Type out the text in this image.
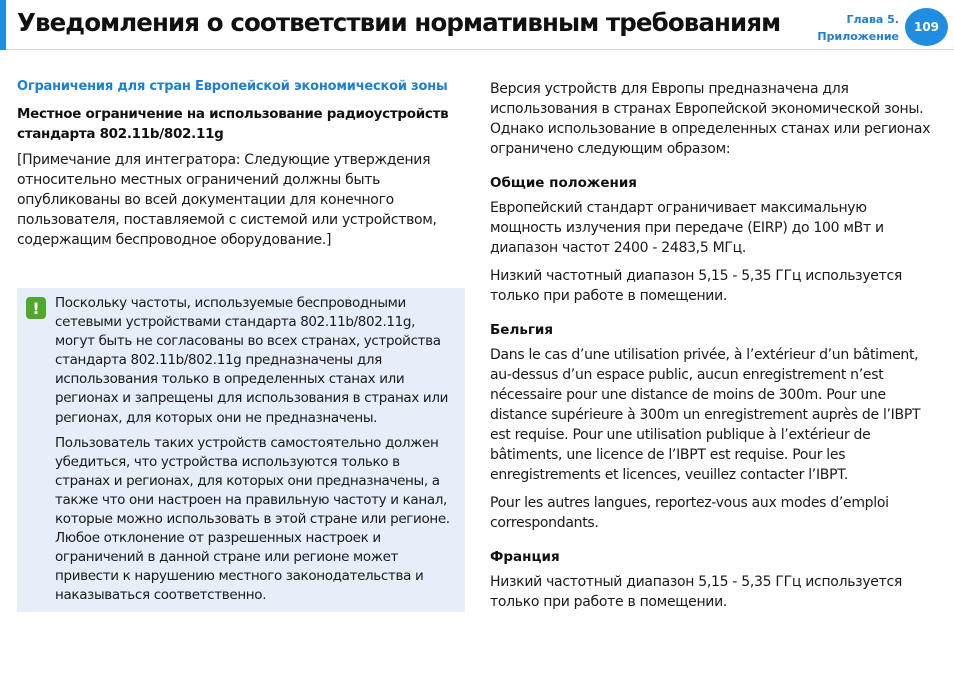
Уведомления о соответствии нормативным требованиям	Глава 5.
Приложение
109
Ограничения для стран Европейской экономической зоны
Местное ограничение на использование радиоустройств стандарта 802.11b/802.11g

[Примечание для интегратора: Следующие утверждения относительно местных ограничений должны быть опубликованы во всей документации для конечного пользователя, поставляемой с системой или устройством, содержащим беспроводное оборудование.]

!	Поскольку частоты, используемые беспроводными сетевыми устройствами стандарта 802.11b/802.11g, могут быть не согласованы во всех странах, устройства стандарта 802.11b/802.11g предназначены для использования только в определенных станах или регионах и запрещены для использования в странах или регионах, для которых они не предназначены.

Пользователь таких устройств самостоятельно должен убедиться, что устройства используются только в странах и регионах, для которых они предназначены, а также что они настроен на правильную частоту и канал, которые можно использовать в этой стране или регионе. Любое отклонение от разрешенных настроек и ограничений в данной стране или регионе может привести к нарушению местного законодательства и наказываться соответственно.

Версия устройств для Европы предназначена для использования в странах Европейской экономической зоны. Однако использование в определенных станах или регионах ограничено следующим образом:

Общие положения

Европейский стандарт ограничивает максимальную мощность излучения при передаче (EIRP) до 100 мВт и диапазон частот 2400 - 2483,5 МГц.

Низкий частотный диапазон 5,15 - 5,35 ГГц используется только при работе в помещении.

Бельгия

Dans le cas d’une utilisation privée, à l’extérieur d’un bâtiment, au-dessus d’un espace public, aucun enregistrement n’est nécessaire pour une distance de moins de 300m. Pour une distance supérieure à 300m un enregistrement auprès de l’IBPT est requise. Pour une utilisation publique à l’extérieur de bâtiments, une licence de l’IBPT est requise. Pour les enregistrements et licences, veuillez contacter l’IBPT.

Pour les autres langues, reportez-vous aux modes d’emploi correspondants.

Франция

Низкий частотный диапазон 5,15 - 5,35 ГГц используется только при работе в помещении.
